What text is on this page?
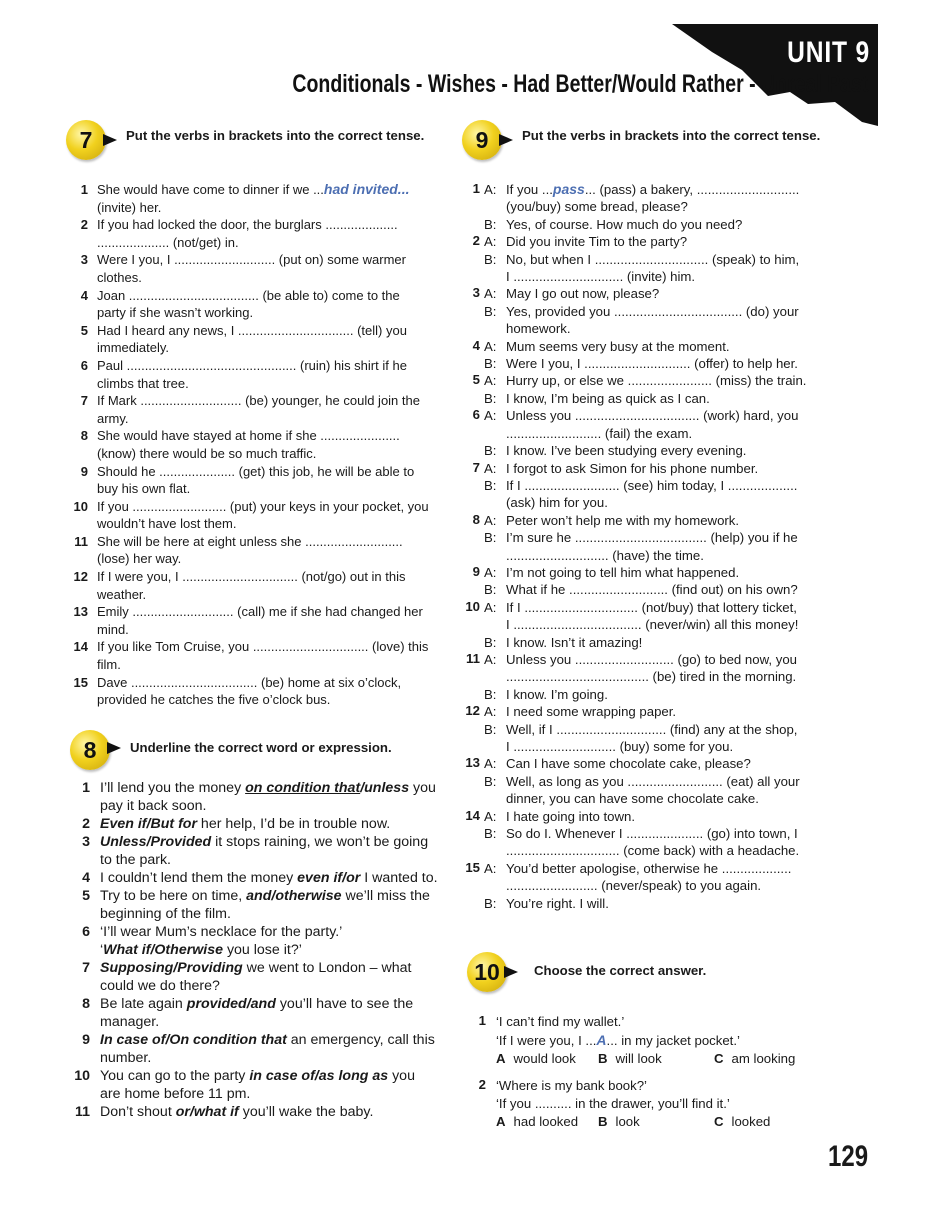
UNIT 9
Conditionals - Wishes - Had Better/Would Rather - Unreal Past
7	Put the verbs in brackets into the correct tense.
1 She would have come to dinner if we ...had invited... (invite) her.
2 If you had locked the door, the burglars .................... .................... (not/get) in.
3 Were I you, I ............................ (put on) some warmer clothes.
4 Joan .................................... (be able to) come to the party if she wasn’t working.
5 Had I heard any news, I ................................ (tell) you immediately.
6 Paul ............................................... (ruin) his shirt if he climbs that tree.
7 If Mark ............................ (be) younger, he could join the army.
8 She would have stayed at home if she ...................... (know) there would be so much traffic.
9 Should he ..................... (get) this job, he will be able to buy his own flat.
10 If you .......................... (put) your keys in your pocket, you wouldn’t have lost them.
11 She will be here at eight unless she ........................... (lose) her way.
12 If I were you, I ................................ (not/go) out in this weather.
13 Emily ............................ (call) me if she had changed her mind.
14 If you like Tom Cruise, you ................................ (love) this film.
15 Dave ................................... (be) home at six o’clock, provided he catches the five o’clock bus.
8	Underline the correct word or expression.
1 I’ll lend you the money on condition that/unless you pay it back soon.
2 Even if/But for her help, I’d be in trouble now.
3 Unless/Provided it stops raining, we won’t be going to the park.
4 I couldn’t lend them the money even if/or I wanted to.
5 Try to be here on time, and/otherwise we’ll miss the beginning of the film.
6 ‘I’ll wear Mum’s necklace for the party.’
‘What if/Otherwise you lose it?’
7 Supposing/Providing we went to London – what could we do there?
8 Be late again provided/and you’ll have to see the manager.
9 In case of/On condition that an emergency, call this number.
10 You can go to the party in case of/as long as you are home before 11 pm.
11 Don’t shout or/what if you’ll wake the baby.
9	Put the verbs in brackets into the correct tense.
1 A: If you ...pass... (pass) a bakery, ............................
(you/buy) some bread, please?
B: Yes, of course. How much do you need?
2 A: Did you invite Tim to the party?
B: No, but when I ............................... (speak) to him,
I .............................. (invite) him.
3 A: May I go out now, please?
B: Yes, provided you ................................... (do) your
homework.
4 A: Mum seems very busy at the moment.
B: Were I you, I ............................. (offer) to help her.
5 A: Hurry up, or else we ....................... (miss) the train.
B: I know, I’m being as quick as I can.
6 A: Unless you .................................. (work) hard, you
.......................... (fail) the exam.
B: I know. I’ve been studying every evening.
7 A: I forgot to ask Simon for his phone number.
B: If I .......................... (see) him today, I ...................
(ask) him for you.
8 A: Peter won’t help me with my homework.
B: I’m sure he .................................... (help) you if he
............................ (have) the time.
9 A: I’m not going to tell him what happened.
B: What if he ........................... (find out) on his own?
10 A: If I ............................... (not/buy) that lottery ticket,
I ................................... (never/win) all this money!
B: I know. Isn’t it amazing!
11 A: Unless you ........................... (go) to bed now, you
....................................... (be) tired in the morning.
B: I know. I’m going.
12 A: I need some wrapping paper.
B: Well, if I .............................. (find) any at the shop,
I ............................ (buy) some for you.
13 A: Can I have some chocolate cake, please?
B: Well, as long as you .......................... (eat) all your
dinner, you can have some chocolate cake.
14 A: I hate going into town.
B: So do I. Whenever I ..................... (go) into town, I
............................... (come back) with a headache.
15 A: You’d better apologise, otherwise he ...................
......................... (never/speak) to you again.
B: You’re right. I will.
10	Choose the correct answer.
1 ‘I can’t find my wallet.’
‘If I were you, I ...A... in my jacket pocket.’
A would look	B will look	C am looking
2 ‘Where is my bank book?’
‘If you .......... in the drawer, you’ll find it.’
A had looked	B look	C looked
129
